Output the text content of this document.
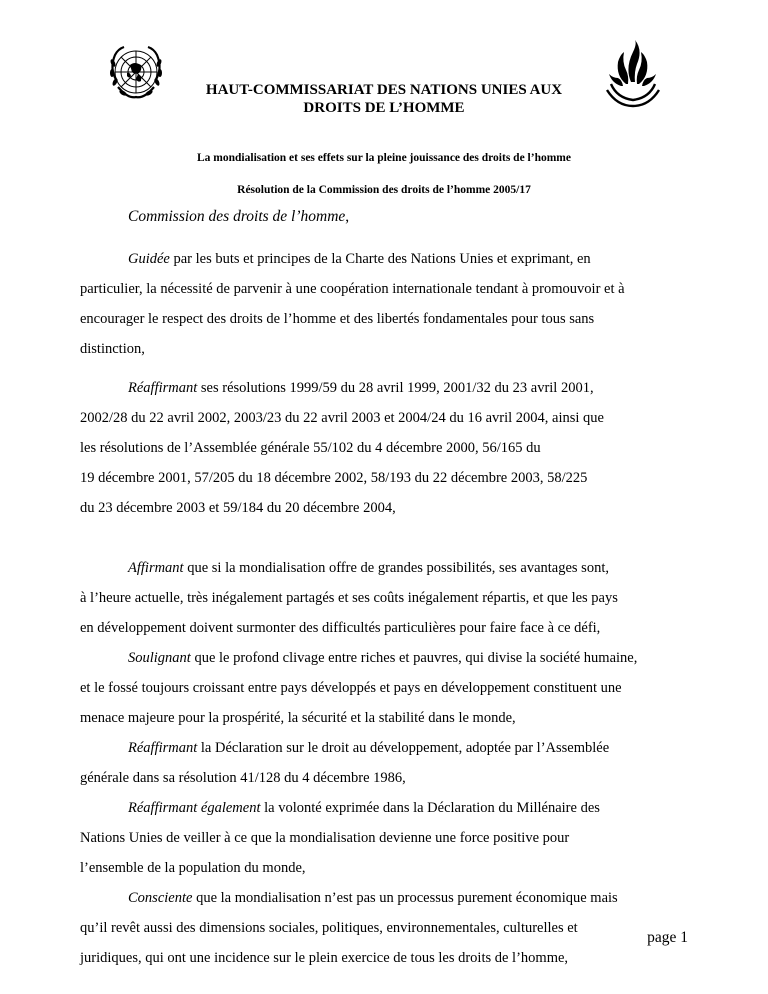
HAUT-COMMISSARIAT DES NATIONS UNIES AUX
DROITS DE L’HOMME
La mondialisation et ses effets sur la pleine jouissance des droits de l’homme
Résolution de la Commission des droits de l’homme 2005/17
Commission des droits de l’homme,

Guidée par les buts et principes de la Charte des Nations Unies et exprimant, en
particulier, la nécessité de parvenir à une coopération internationale tendant à promouvoir et à
encourager le respect des droits de l’homme et des libertés fondamentales pour tous sans
distinction,

Réaffirmant ses résolutions 1999/59 du 28 avril 1999, 2001/32 du 23 avril 2001,
2002/28 du 22 avril 2002, 2003/23 du 22 avril 2003 et 2004/24 du 16 avril 2004, ainsi que
les résolutions de l’Assemblée générale 55/102 du 4 décembre 2000, 56/165 du
19 décembre 2001, 57/205 du 18 décembre 2002, 58/193 du 22 décembre 2003, 58/225
du 23 décembre 2003 et 59/184 du 20 décembre 2004,

Affirmant que si la mondialisation offre de grandes possibilités, ses avantages sont,
à l’heure actuelle, très inégalement partagés et ses coûts inégalement répartis, et que les pays
en développement doivent surmonter des difficultés particulières pour faire face à ce défi,

Soulignant que le profond clivage entre riches et pauvres, qui divise la société humaine,
et le fossé toujours croissant entre pays développés et pays en développement constituent une
menace majeure pour la prospérité, la sécurité et la stabilité dans le monde,

Réaffirmant la Déclaration sur le droit au développement, adoptée par l’Assemblée
générale dans sa résolution 41/128 du 4 décembre 1986,

Réaffirmant également la volonté exprimée dans la Déclaration du Millénaire des
Nations Unies de veiller à ce que la mondialisation devienne une force positive pour
l’ensemble de la population du monde,

Consciente que la mondialisation n’est pas un processus purement économique mais
qu’il revêt aussi des dimensions sociales, politiques, environnementales, culturelles et
juridiques, qui ont une incidence sur le plein exercice de tous les droits de l’homme,

page 1
